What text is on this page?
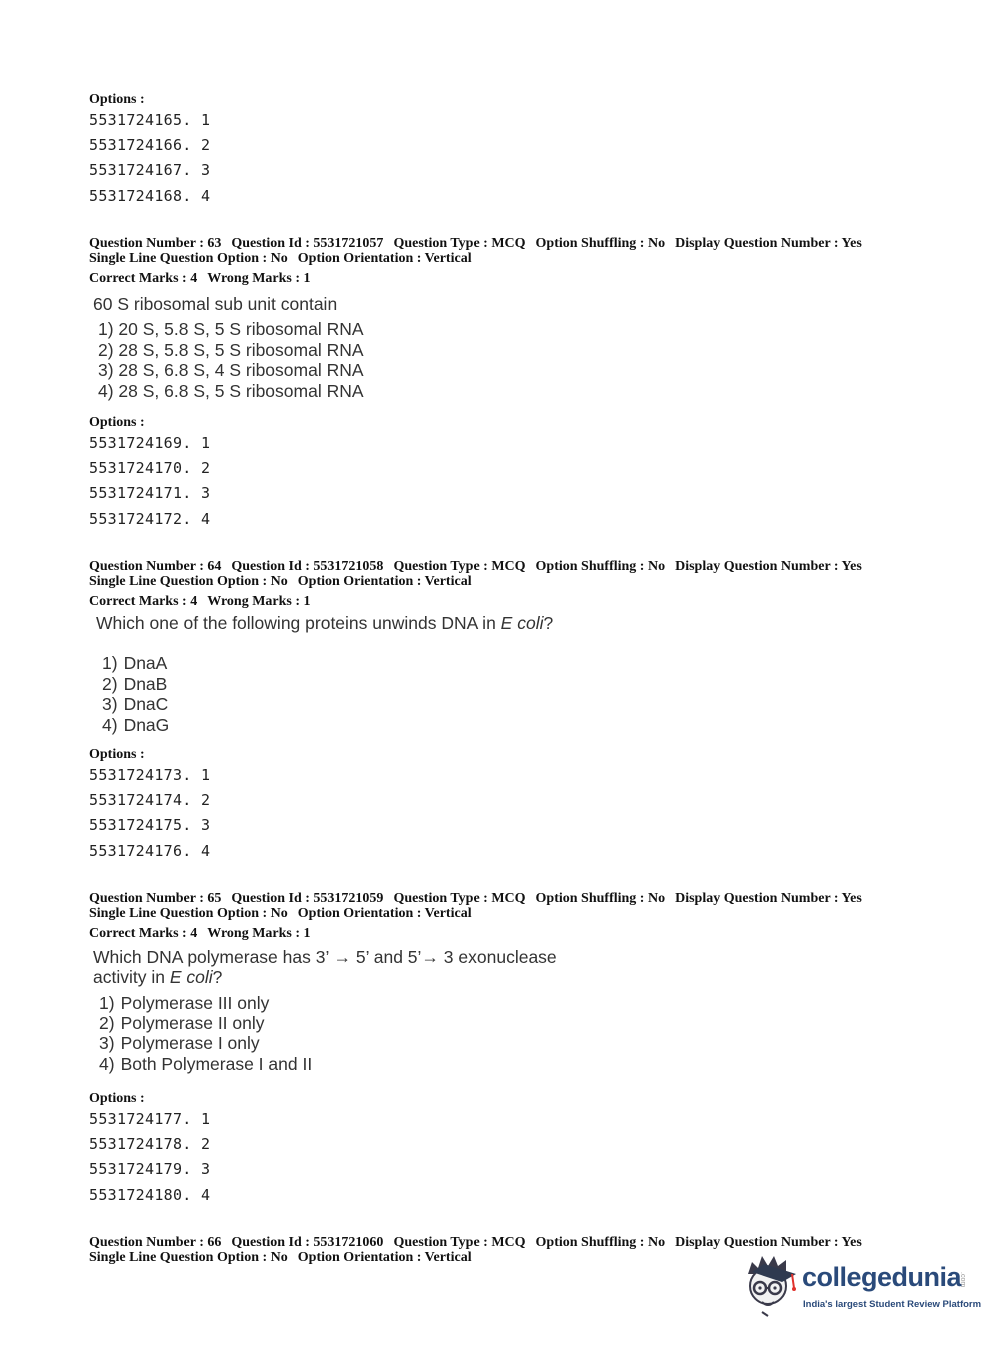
Options :
5531724165. 1
5531724166. 2
5531724167. 3
5531724168. 4
Question Number : 63 Question Id : 5531721057 Question Type : MCQ Option Shuffling : No Display Question Number : Yes
Single Line Question Option : No Option Orientation : Vertical
Correct Marks : 4 Wrong Marks : 1
60 S ribosomal sub unit contain
1) 20 S, 5.8 S, 5 S ribosomal RNA
2) 28 S, 5.8 S, 5 S ribosomal RNA
3) 28 S, 6.8 S, 4 S ribosomal RNA
4) 28 S, 6.8 S, 5 S ribosomal RNA
Options :
5531724169. 1
5531724170. 2
5531724171. 3
5531724172. 4
Question Number : 64 Question Id : 5531721058 Question Type : MCQ Option Shuffling : No Display Question Number : Yes
Single Line Question Option : No Option Orientation : Vertical
Correct Marks : 4 Wrong Marks : 1
Which one of the following proteins unwinds DNA in E coli?
1) DnaA
2) DnaB
3) DnaC
4) DnaG
Options :
5531724173. 1
5531724174. 2
5531724175. 3
5531724176. 4
Question Number : 65 Question Id : 5531721059 Question Type : MCQ Option Shuffling : No Display Question Number : Yes
Single Line Question Option : No Option Orientation : Vertical
Correct Marks : 4 Wrong Marks : 1
Which DNA polymerase has 3’ → 5’ and 5’→ 3 exonuclease
activity in E coli?
1) Polymerase III only
2) Polymerase II only
3) Polymerase I only
4) Both Polymerase I and II
Options :
5531724177. 1
5531724178. 2
5531724179. 3
5531724180. 4
Question Number : 66 Question Id : 5531721060 Question Type : MCQ Option Shuffling : No Display Question Number : Yes
Single Line Question Option : No Option Orientation : Vertical
collegedunia
.com
India's largest Student Review Platform
